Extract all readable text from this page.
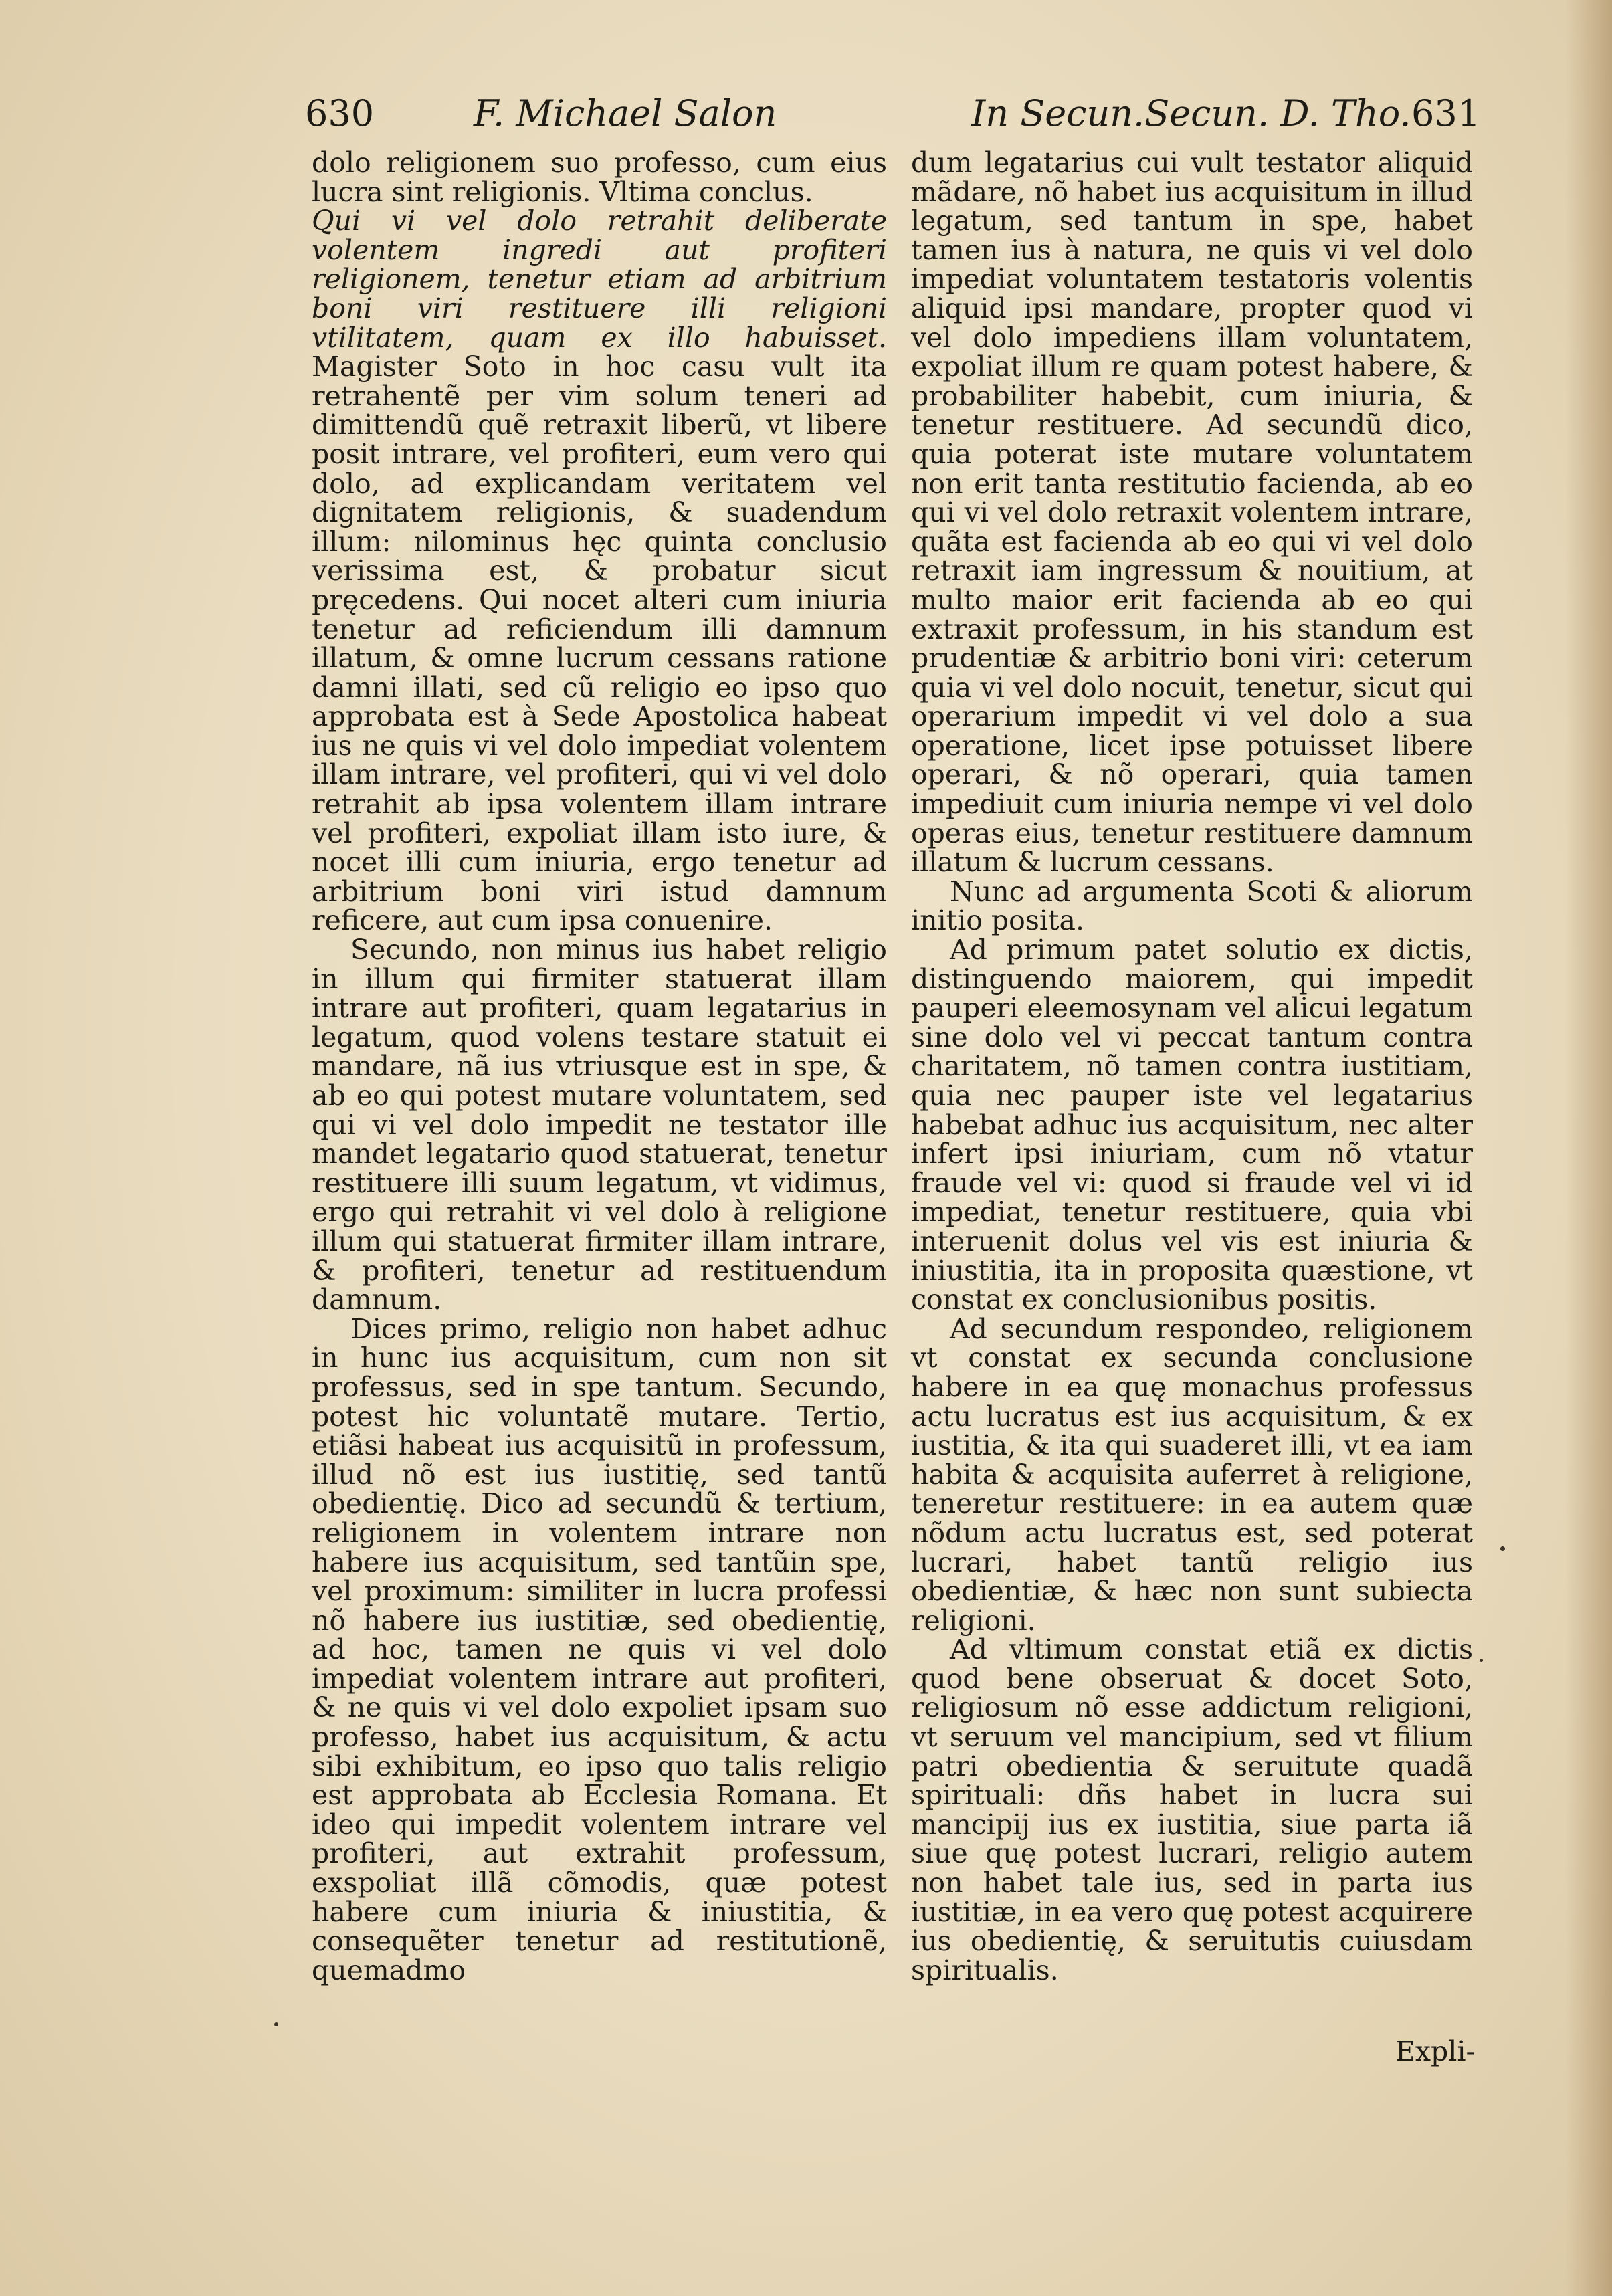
630	F. Michael Salon	In Secun.Secun. D. Tho. 631

dolo religionem suo professo, cum eius lucra sint religionis. Vltima conclus.

Qui vi vel dolo retrahit deliberate volentem ingredi aut profiteri religionem, tenetur etiam ad arbitrium boni viri restituere illi religioni vtilitatem, quam ex illo habuisset. Magister Soto in hoc casu vult ita retrahentẽ per vim solum teneri ad dimittendũ quẽ retraxit liberũ, vt libere posit intrare, vel profiteri, eum vero qui dolo, ad explicandam veritatem vel dignitatem religionis, & suadendum illum: nilominus hęc quinta conclusio verissima est, & probatur sicut pręcedens. Qui nocet alteri cum iniuria tenetur ad reficiendum illi damnum illatum, & omne lucrum cessans ratione damni illati, sed cũ religio eo ipso quo approbata est à Sede Apostolica habeat ius ne quis vi vel dolo impediat volentem illam intrare, vel profiteri, qui vi vel dolo retrahit ab ipsa volentem illam intrare vel profiteri, expoliat illam isto iure, & nocet illi cum iniuria, ergo tenetur ad arbitrium boni viri istud damnum reficere, aut cum ipsa conuenire.

Secundo, non minus ius habet religio in illum qui firmiter statuerat illam intrare aut profiteri, quam legatarius in legatum, quod volens testare statuit ei mandare, nã ius vtriusque est in spe, & ab eo qui potest mutare voluntatem, sed qui vi vel dolo impedit ne testator ille mandet legatario quod statuerat, tenetur restituere illi suum legatum, vt vidimus, ergo qui retrahit vi vel dolo à religione illum qui statuerat firmiter illam intrare, & profiteri, tenetur ad restituendum damnum.

Dices primo, religio non habet adhuc in hunc ius acquisitum, cum non sit professus, sed in spe tantum. Secundo, potest hic voluntatẽ mutare. Tertio, etiãsi habeat ius acquisitũ in professum, illud nõ est ius iustitię, sed tantũ obedientię. Dico ad secundũ & tertium, religionem in volentem intrare non habere ius acquisitum, sed tantũin spe, vel proximum: similiter in lucra professi nõ habere ius iustitiæ, sed obedientię, ad hoc, tamen ne quis vi vel dolo impediat volentem intrare aut profiteri, & ne quis vi vel dolo expoliet ipsam suo professo, habet ius acquisitum, & actu sibi exhibitum, eo ipso quo talis religio est approbata ab Ecclesia Romana. Et ideo qui impedit volentem intrare vel profiteri, aut extrahit professum, exspoliat illã cõmodis, quæ potest habere cum iniuria & iniustitia, & consequẽter tenetur ad restitutionẽ, quemadmo

dum legatarius cui vult testator aliquid mãdare, nõ habet ius acquisitum in illud legatum, sed tantum in spe, habet tamen ius à natura, ne quis vi vel dolo impediat voluntatem testatoris volentis aliquid ipsi mandare, propter quod vi vel dolo impediens illam voluntatem, expoliat illum re quam potest habere, & probabiliter habebit, cum iniuria, & tenetur restituere. Ad secundũ dico, quia poterat iste mutare voluntatem non erit tanta restitutio facienda, ab eo qui vi vel dolo retraxit volentem intrare, quãta est facienda ab eo qui vi vel dolo retraxit iam ingressum & nouitium, at multo maior erit facienda ab eo qui extraxit professum, in his standum est prudentiæ & arbitrio boni viri: ceterum quia vi vel dolo nocuit, tenetur, sicut qui operarium impedit vi vel dolo a sua operatione, licet ipse potuisset libere operari, & nõ operari, quia tamen impediuit cum iniuria nempe vi vel dolo operas eius, tenetur restituere damnum illatum & lucrum cessans.

Nunc ad argumenta Scoti & aliorum initio posita.

Ad primum patet solutio ex dictis, distinguendo maiorem, qui impedit pauperi eleemosynam vel alicui legatum sine dolo vel vi peccat tantum contra charitatem, nõ tamen contra iustitiam, quia nec pauper iste vel legatarius habebat adhuc ius acquisitum, nec alter infert ipsi iniuriam, cum nõ vtatur fraude vel vi: quod si fraude vel vi id impediat, tenetur restituere, quia vbi interuenit dolus vel vis est iniuria & iniustitia, ita in proposita quæstione, vt constat ex conclusionibus positis.

Ad secundum respondeo, religionem vt constat ex secunda conclusione habere in ea quę monachus professus actu lucratus est ius acquisitum, & ex iustitia, & ita qui suaderet illi, vt ea iam habita & acquisita auferret à religione, teneretur restituere: in ea autem quæ nõdum actu lucratus est, sed poterat lucrari, habet tantũ religio ius obedientiæ, & hæc non sunt subiecta religioni.

Ad vltimum constat etiã ex dictis quod bene obseruat & docet Soto, religiosum nõ esse addictum religioni, vt seruum vel mancipium, sed vt filium patri obedientia & seruitute quadã spirituali: dñs habet in lucra sui mancipij ius ex iustitia, siue parta iã siue quę potest lucrari, religio autem non habet tale ius, sed in parta ius iustitiæ, in ea vero quę potest acquirere ius obedientię, & seruitutis cuiusdam spiritualis.

Expli-
